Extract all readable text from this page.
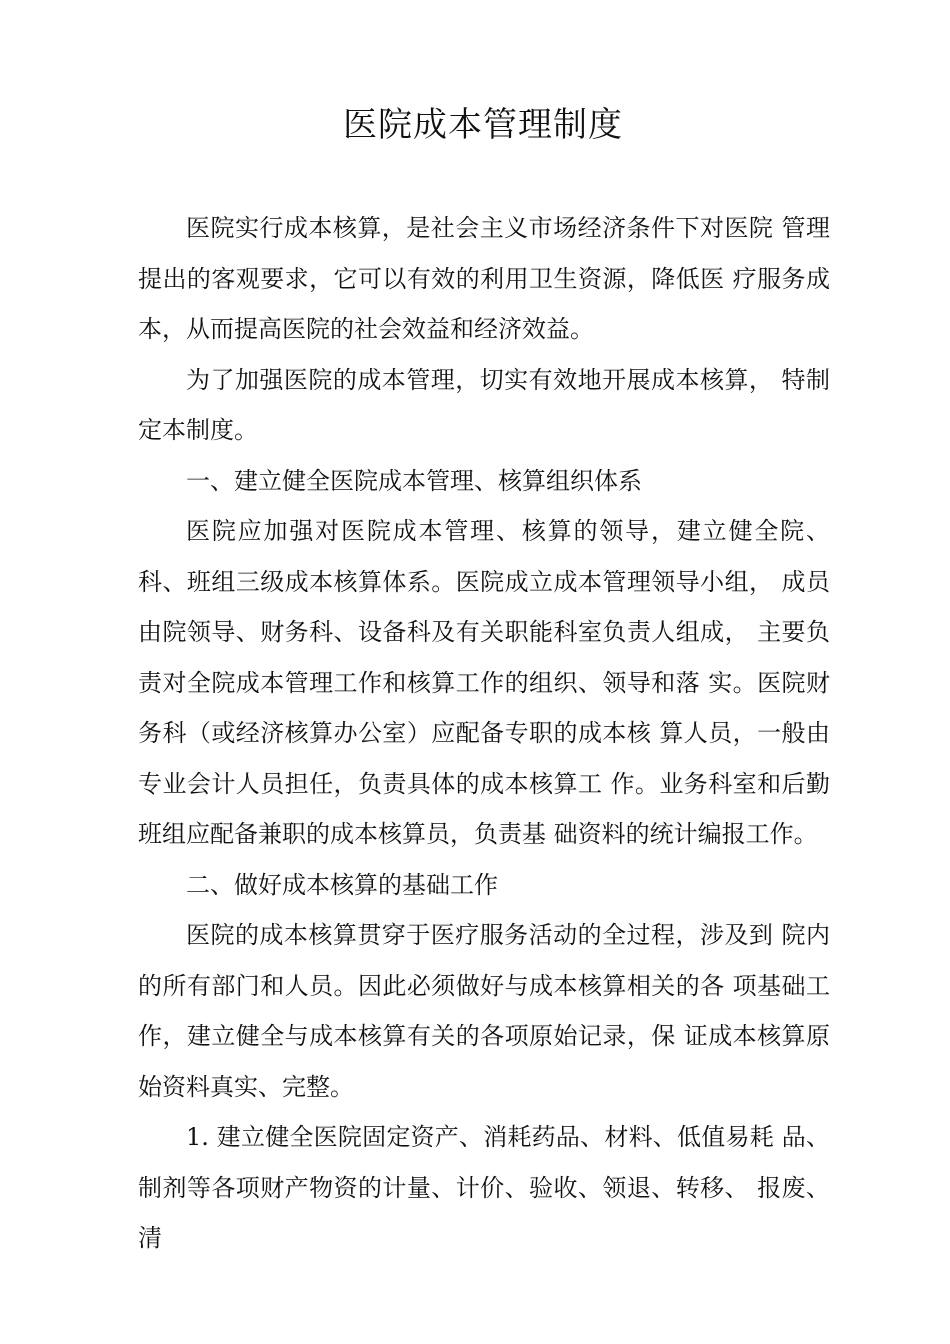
医院成本管理制度

医院实行成本核算，是社会主义市场经济条件下对医院 管理提出的客观要求，它可以有效的利用卫生资源，降低医 疗服务成本，从而提高医院的社会效益和经济效益。

为了加强医院的成本管理，切实有效地开展成本核算， 特制定本制度。

一、建立健全医院成本管理、核算组织体系

医院应加强对医院成本管理、核算的领导，建立健全院、科、班组三级成本核算体系。医院成立成本管理领导小组， 成员由院领导、财务科、设备科及有关职能科室负责人组成， 主要负责对全院成本管理工作和核算工作的组织、领导和落 实。医院财务科（或经济核算办公室）应配备专职的成本核 算人员，一般由专业会计人员担任，负责具体的成本核算工 作。业务科室和后勤班组应配备兼职的成本核算员，负责基 础资料的统计编报工作。

二、做好成本核算的基础工作

医院的成本核算贯穿于医疗服务活动的全过程，涉及到 院内的所有部门和人员。因此必须做好与成本核算相关的各 项基础工作，建立健全与成本核算有关的各项原始记录，保 证成本核算原始资料真实、完整。

1. 建立健全医院固定资产、消耗药品、材料、低值易耗 品、制剂等各项财产物资的计量、计价、验收、领退、转移、 报废、清
